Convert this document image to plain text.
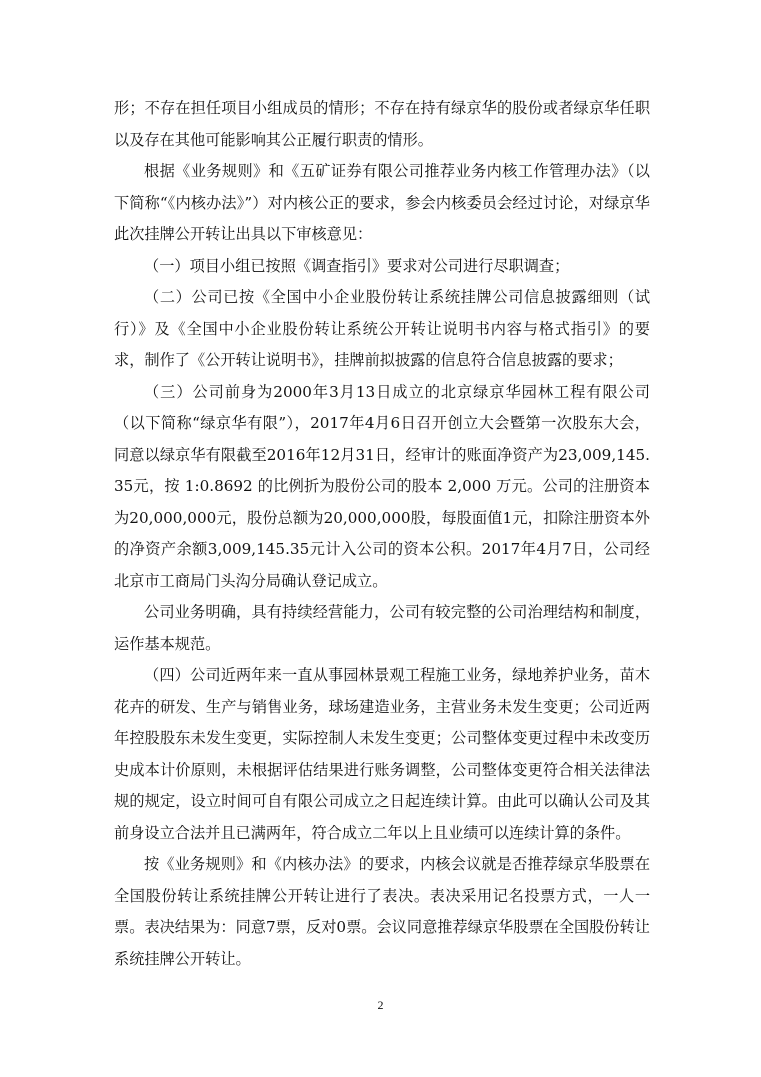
形；不存在担任项目小组成员的情形；不存在持有绿京华的股份或者绿京华任职以及存在其他可能影响其公正履行职责的情形。

根据《业务规则》和《五矿证券有限公司推荐业务内核工作管理办法》（以下简称“《内核办法》”）对内核公正的要求，参会内核委员会经过讨论，对绿京华此次挂牌公开转让出具以下审核意见：

（一）项目小组已按照《调查指引》要求对公司进行尽职调查；

（二）公司已按《全国中小企业股份转让系统挂牌公司信息披露细则（试行）》及《全国中小企业股份转让系统公开转让说明书内容与格式指引》的要求，制作了《公开转让说明书》，挂牌前拟披露的信息符合信息披露的要求；

（三）公司前身为2000年3月13日成立的北京绿京华园林工程有限公司（以下简称“绿京华有限”），2017年4月6日召开创立大会暨第一次股东大会，同意以绿京华有限截至2016年12月31日，经审计的账面净资产为23,009,145.35元，按 1:0.8692 的比例折为股份公司的股本 2,000 万元。公司的注册资本为20,000,000元，股份总额为20,000,000股，每股面值1元，扣除注册资本外的净资产余额3,009,145.35元计入公司的资本公积。2017年4月7日，公司经北京市工商局门头沟分局确认登记成立。

公司业务明确，具有持续经营能力，公司有较完整的公司治理结构和制度，运作基本规范。

（四）公司近两年来一直从事园林景观工程施工业务，绿地养护业务，苗木花卉的研发、生产与销售业务，球场建造业务，主营业务未发生变更；公司近两年控股股东未发生变更，实际控制人未发生变更；公司整体变更过程中未改变历史成本计价原则，未根据评估结果进行账务调整，公司整体变更符合相关法律法规的规定，设立时间可自有限公司成立之日起连续计算。由此可以确认公司及其前身设立合法并且已满两年，符合成立二年以上且业绩可以连续计算的条件。

按《业务规则》和《内核办法》的要求，内核会议就是否推荐绿京华股票在全国股份转让系统挂牌公开转让进行了表决。表决采用记名投票方式，一人一票。表决结果为：同意7票，反对0票。会议同意推荐绿京华股票在全国股份转让系统挂牌公开转让。

2
